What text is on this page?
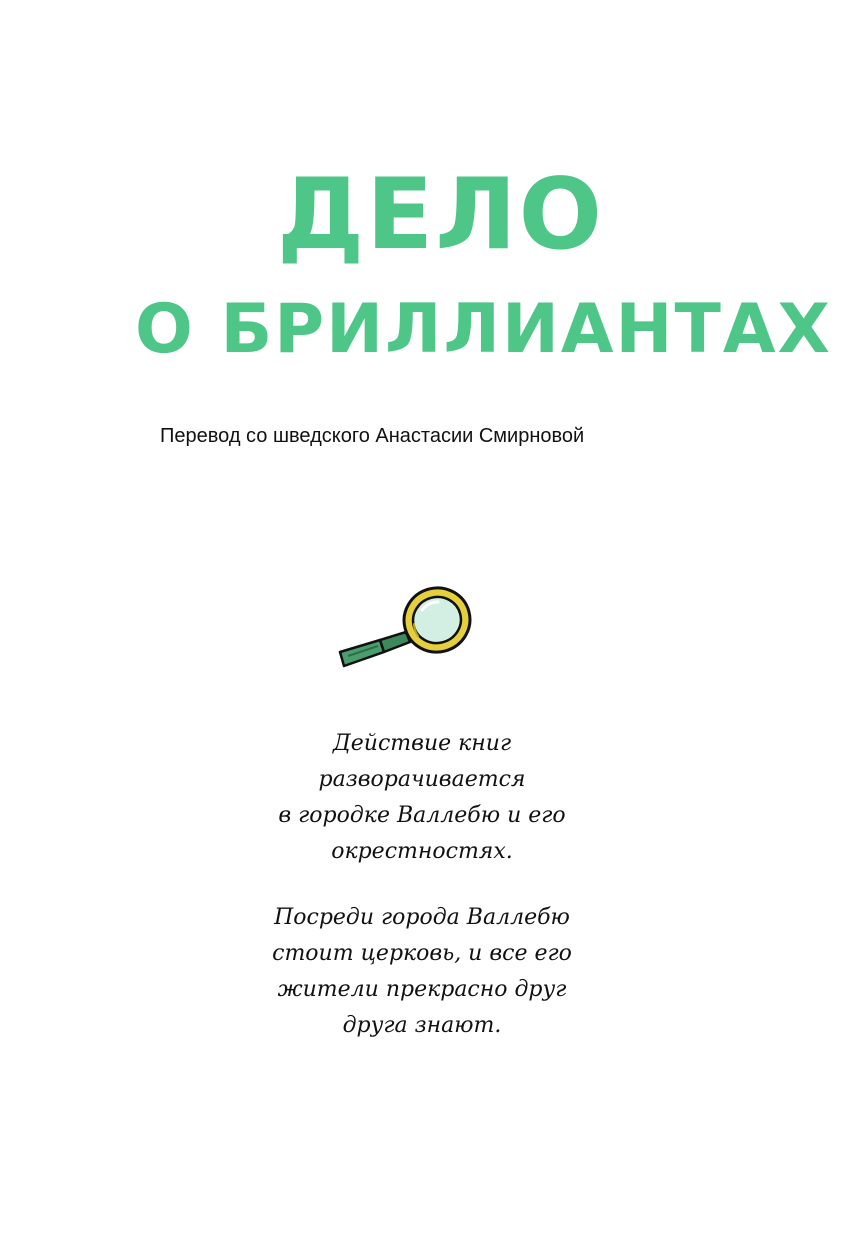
ДЕЛО
О БРИЛЛИАНТАХ
Перевод со шведского Анастасии Смирновой
Действие книг
разворачивается
в городке Валлебю и его
окрестностях.
Посреди города Валлебю
стоит церковь, и все его
жители прекрасно друг
друга знают.
